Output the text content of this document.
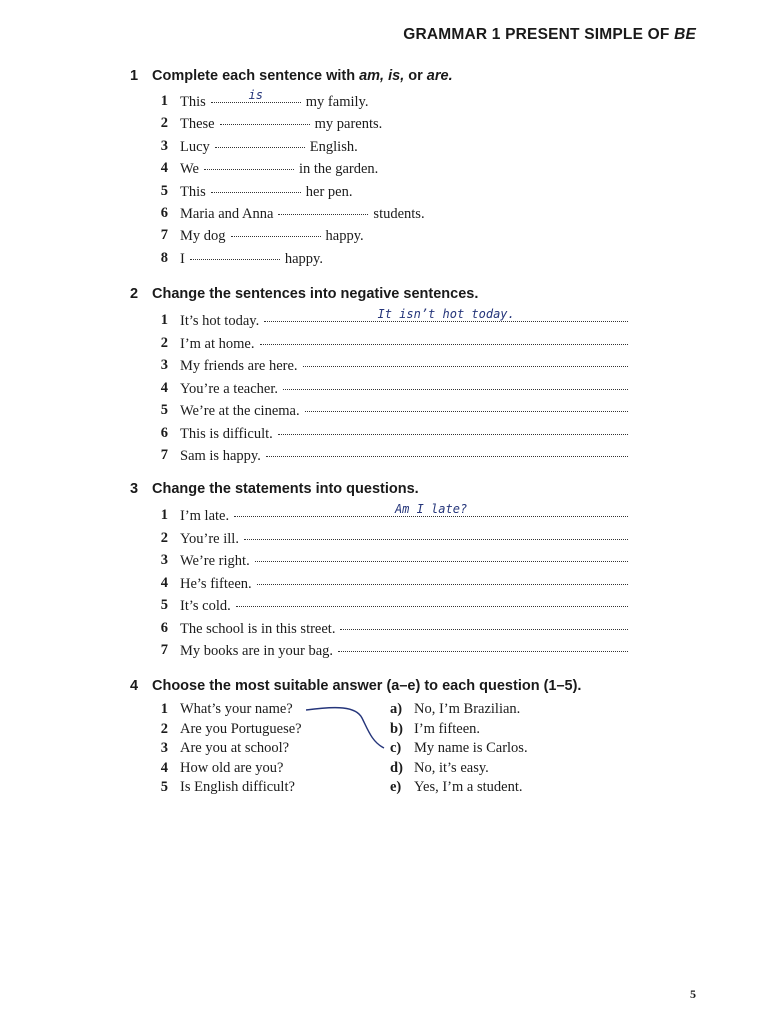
GRAMMAR 1 PRESENT SIMPLE OF BE
1 Complete each sentence with am, is, or are.
1 This	is	my family.
2 These	my parents.
3 Lucy	English.
4 We	in the garden.
5 This	her pen.
6 Maria and Anna	students.
7 My dog	happy.
8 I	happy.
2 Change the sentences into negative sentences.
1 It’s hot today.	It isn’t hot today.
2 I’m at home.
3 My friends are here.
4 You’re a teacher.
5 We’re at the cinema.
6 This is difficult.
7 Sam is happy.
3 Change the statements into questions.
1 I’m late.	Am I late?
2 You’re ill.
3 We’re right.
4 He’s fifteen.
5 It’s cold.
6 The school is in this street.
7 My books are in your bag.
4 Choose the most suitable answer (a–e) to each question (1–5).
1 What’s your name?
2 Are you Portuguese?
3 Are you at school?
4 How old are you?
5 Is English difficult?
a) No, I’m Brazilian.
b) I’m fifteen.
c) My name is Carlos.
d) No, it’s easy.
e) Yes, I’m a student.
5
